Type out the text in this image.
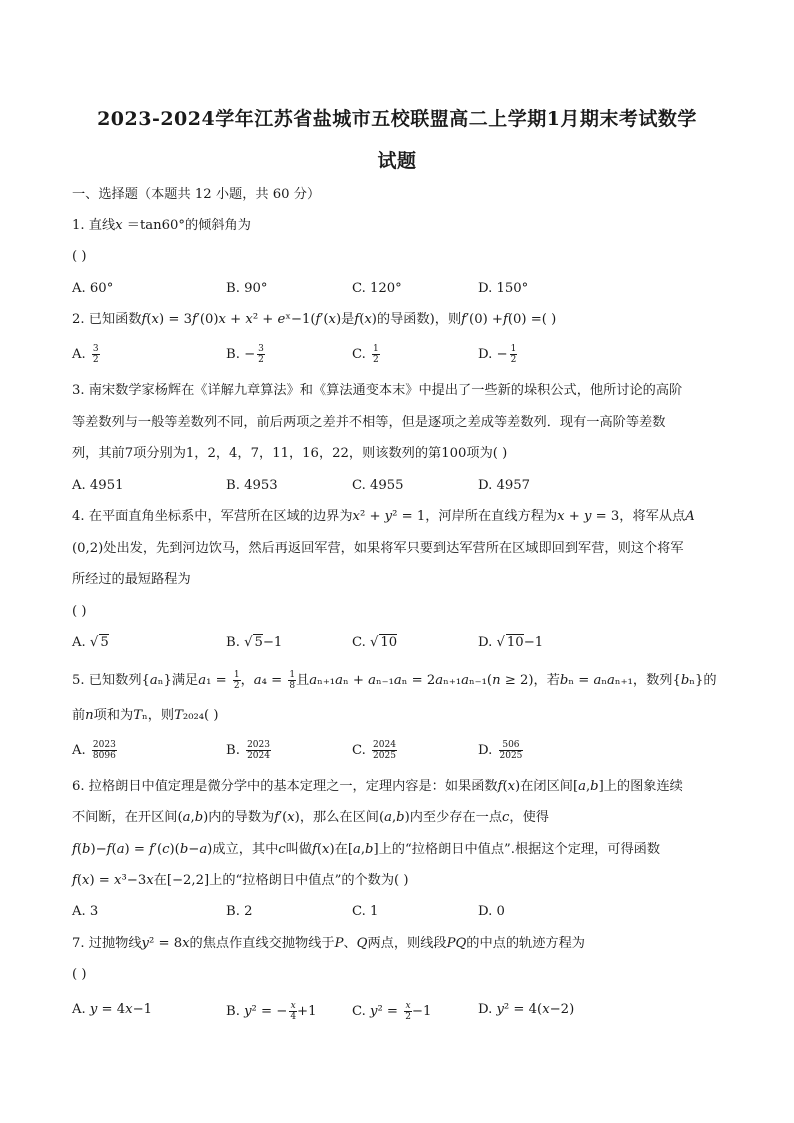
2023-2024学年江苏省盐城市五校联盟高二上学期1月期末考试数学
试题

一、选择题（本题共 12 小题，共 60 分）

1. 直线𝑥 ＝tan60°的倾斜角为

( )

A. 60°	B. 90°	C. 120°	D. 150°

2. 已知函数𝑓(𝑥) = 3𝑓′(0)𝑥 + 𝑥² + 𝑒ˣ−1(𝑓′(𝑥)是𝑓(𝑥)的导函数)，则𝑓′(0) +𝑓(0) =( )

A. $\frac{3}{2}$	B. − $\frac{3}{2}$	C. $\frac{1}{2}$	D. − $\frac{1}{2}$

3. 南宋数学家杨辉在《详解九章算法》和《算法通变本末》中提出了一些新的垛积公式，他所讨论的高阶

等差数列与一般等差数列不同，前后两项之差并不相等，但是逐项之差成等差数列．现有一高阶等差数

列，其前7项分别为1，2，4，7，11，16，22，则该数列的第100项为( )

A. 4951	B. 4953	C. 4955	D. 4957

4. 在平面直角坐标系中，军营所在区域的边界为𝑥² + 𝑦² = 1，河岸所在直线方程为𝑥 + 𝑦 = 3，将军从点𝐴

(0,2)处出发，先到河边饮马，然后再返回军营，如果将军只要到达军营所在区域即回到军营，则这个将军

所经过的最短路程为

( )

A. √ 5	B. √ 5−1	C. √ 10	D. √ 10−1

5. 已知数列{𝑎ₙ}满足𝑎₁ = $\frac{1}{2}$ ，𝑎₄ = $\frac{1}{8}$ 且𝑎ₙ₊₁𝑎ₙ + 𝑎ₙ₋₁𝑎ₙ = 2𝑎ₙ₊₁𝑎ₙ₋₁(𝑛 ≥ 2)，若𝑏ₙ = 𝑎ₙ𝑎ₙ₊₁，数列{𝑏ₙ}的

前𝑛项和为𝑇ₙ，则𝑇₂₀₂₄( )

A. $\frac{2023}{8096}$	B. $\frac{2023}{2024}$	C. $\frac{2024}{2025}$	D. $\frac{506}{2025}$

6. 拉格朗日中值定理是微分学中的基本定理之一，定理内容是：如果函数𝑓(𝑥)在闭区间[𝑎,𝑏]上的图象连续

不间断，在开区间(𝑎,𝑏)内的导数为𝑓′(𝑥)，那么在区间(𝑎,𝑏)内至少存在一点𝑐，使得

𝑓(𝑏)−𝑓(𝑎) = 𝑓′(𝑐)(𝑏−𝑎)成立，其中𝑐叫做𝑓(𝑥)在[𝑎,𝑏]上的“拉格朗日中值点”.根据这个定理，可得函数

𝑓(𝑥) = 𝑥³−3𝑥在[−2,2]上的“拉格朗日中值点”的个数为( )

A. 3	B. 2	C. 1	D. 0

7. 过抛物线𝑦² = 8𝑥的焦点作直线交抛物线于𝑃、𝑄两点，则线段𝑃𝑄的中点的轨迹方程为

( )

A. 𝑦 = 4𝑥−1	B. 𝑦² = − $\frac{\text{𝑥}}{4} +1$	C. 𝑦² = $\frac{\text{𝑥}}{2} -1$	D. 𝑦² = 4(𝑥−2)
